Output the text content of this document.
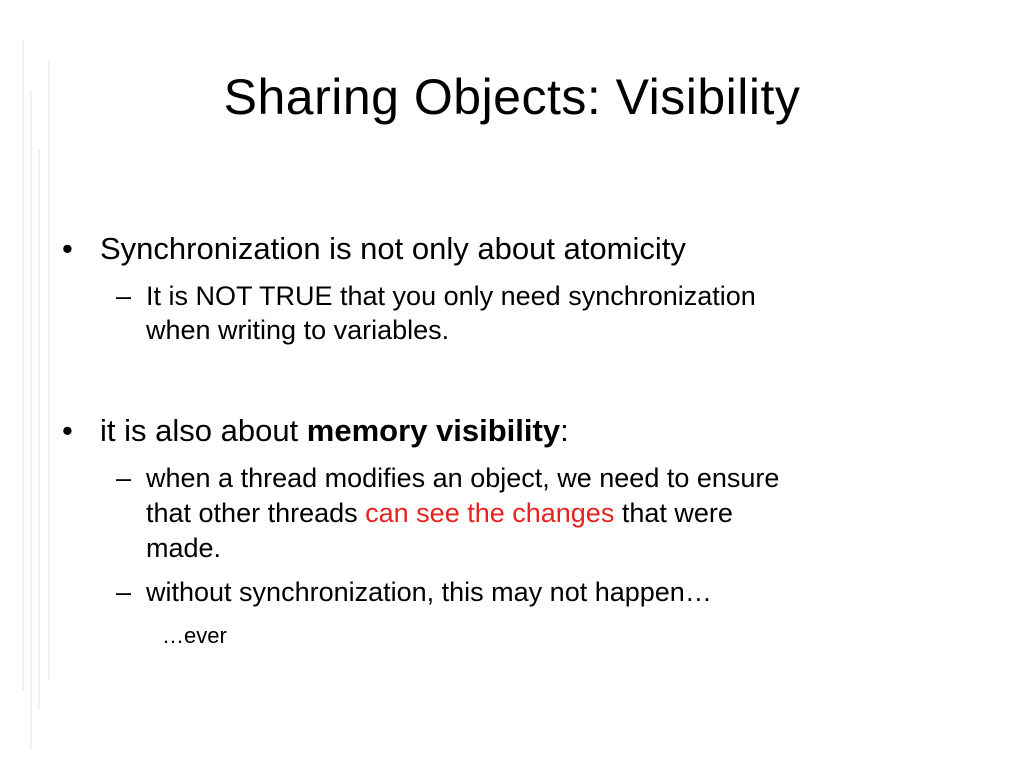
Sharing Objects: Visibility
• Synchronization is not only about atomicity
– It is NOT TRUE that you only need synchronization
when writing to variables.
• it is also about memory visibility:
– when a thread modifies an object, we need to ensure
that other threads can see the changes that were
made.
– without synchronization, this may not happen…
…ever
